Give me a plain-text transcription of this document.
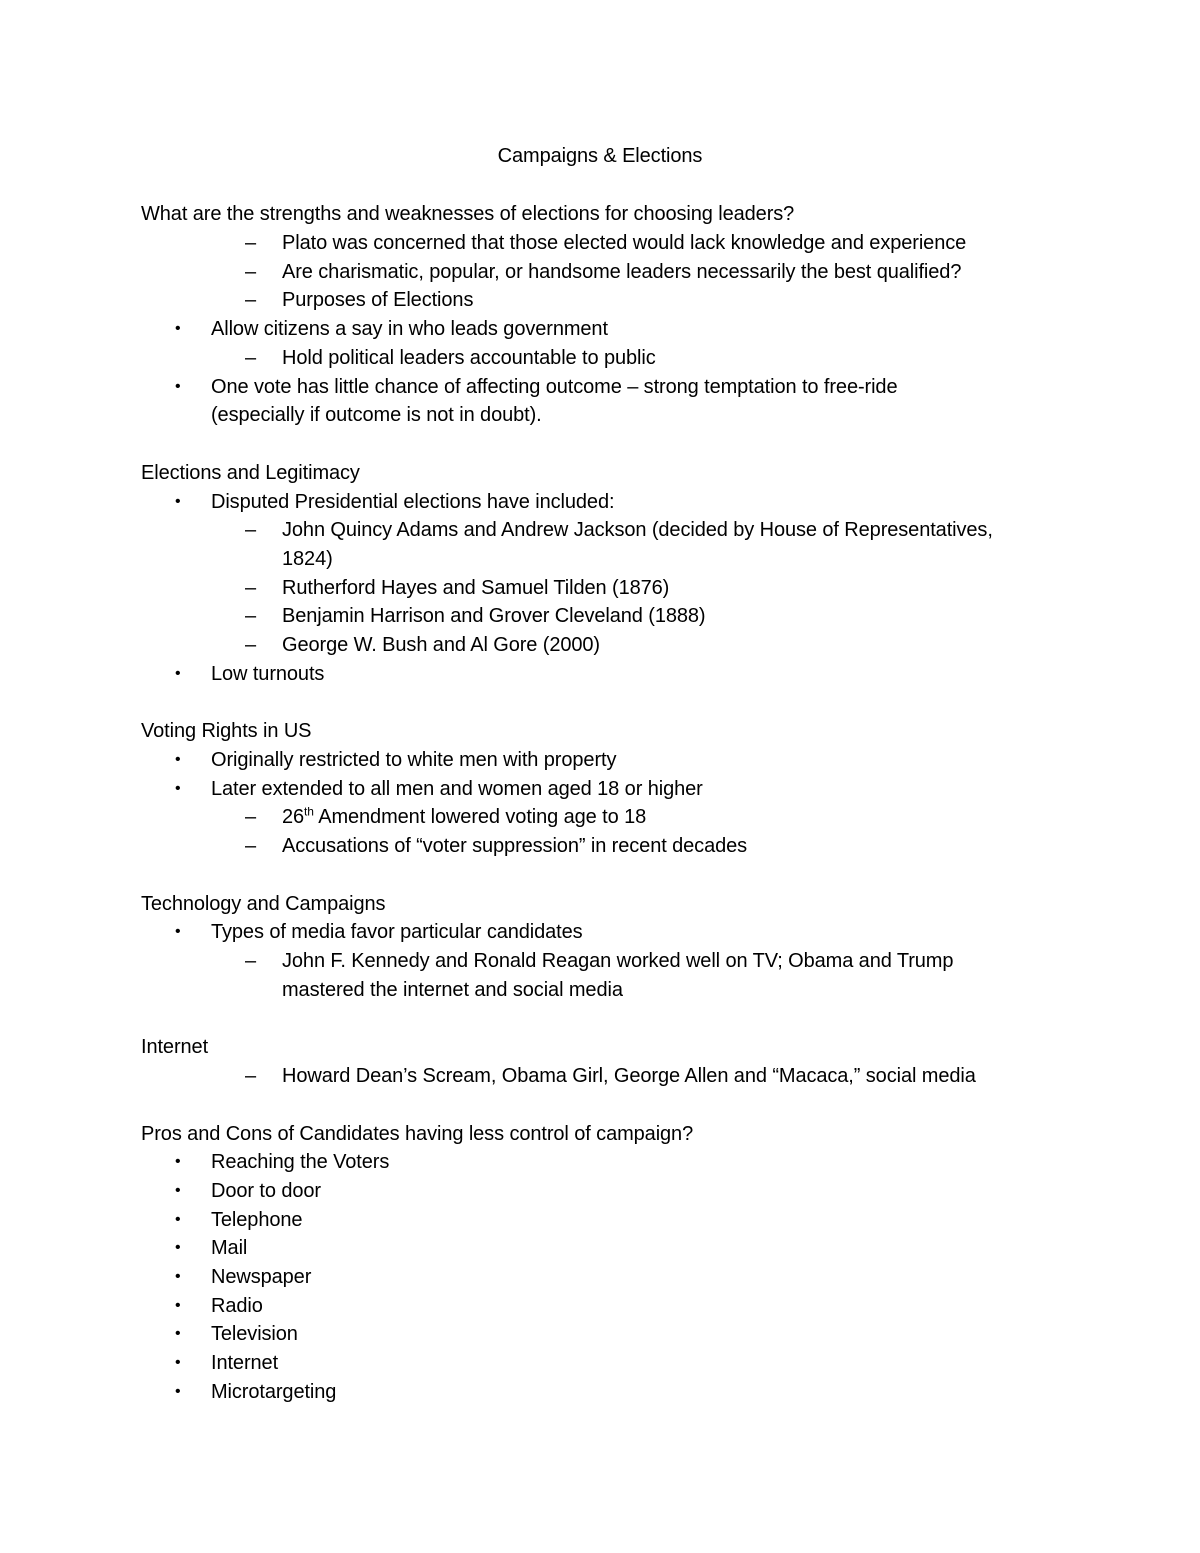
Campaigns & Elections
What are the strengths and weaknesses of elections for choosing leaders?
– Plato was concerned that those elected would lack knowledge and experience
– Are charismatic, popular, or handsome leaders necessarily the best qualified?
– Purposes of Elections
• Allow citizens a say in who leads government
– Hold political leaders accountable to public
• One vote has little chance of affecting outcome – strong temptation to free-ride
(especially if outcome is not in doubt).
Elections and Legitimacy
• Disputed Presidential elections have included:
– John Quincy Adams and Andrew Jackson (decided by House of Representatives,
1824)
– Rutherford Hayes and Samuel Tilden (1876)
– Benjamin Harrison and Grover Cleveland (1888)
– George W. Bush and Al Gore (2000)
• Low turnouts
Voting Rights in US
• Originally restricted to white men with property
• Later extended to all men and women aged 18 or higher
– 26th Amendment lowered voting age to 18
– Accusations of “voter suppression” in recent decades
Technology and Campaigns
• Types of media favor particular candidates
– John F. Kennedy and Ronald Reagan worked well on TV; Obama and Trump
mastered the internet and social media
Internet
– Howard Dean’s Scream, Obama Girl, George Allen and “Macaca,” social media
Pros and Cons of Candidates having less control of campaign?
• Reaching the Voters
• Door to door
• Telephone
• Mail
• Newspaper
• Radio
• Television
• Internet
• Microtargeting
